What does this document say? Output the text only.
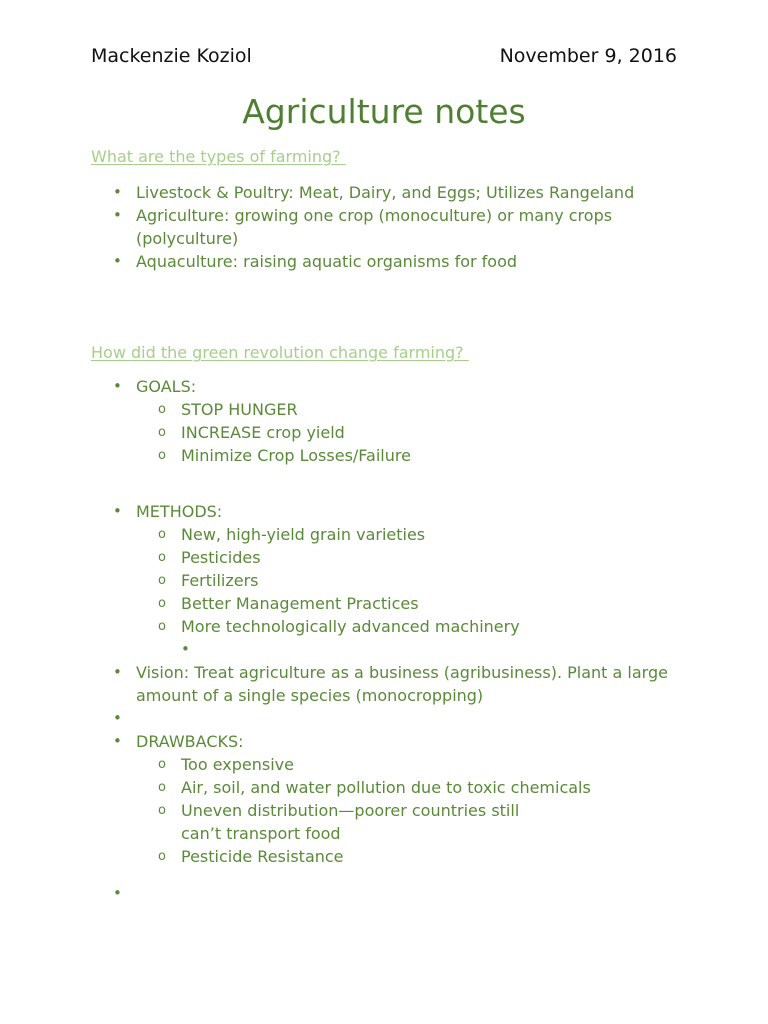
Mackenzie Koziol	November 9, 2016
Agriculture notes
What are the types of farming?
• Livestock & Poultry: Meat, Dairy, and Eggs; Utilizes Rangeland
• Agriculture: growing one crop (monoculture) or many crops (polyculture)
• Aquaculture: raising aquatic organisms for food
How did the green revolution change farming?
• GOALS:
o STOP HUNGER
o INCREASE crop yield
o Minimize Crop Losses/Failure
• METHODS:
o New, high-yield grain varieties
o Pesticides
o Fertilizers
o Better Management Practices
o More technologically advanced machinery
•

• Vision: Treat agriculture as a business (agribusiness). Plant a large amount of a single species (monocropping)
•

• DRAWBACKS:
o Too expensive
o Air, soil, and water pollution due to toxic chemicals
o Uneven distribution—poorer countries still can’t transport food
o Pesticide Resistance
•
